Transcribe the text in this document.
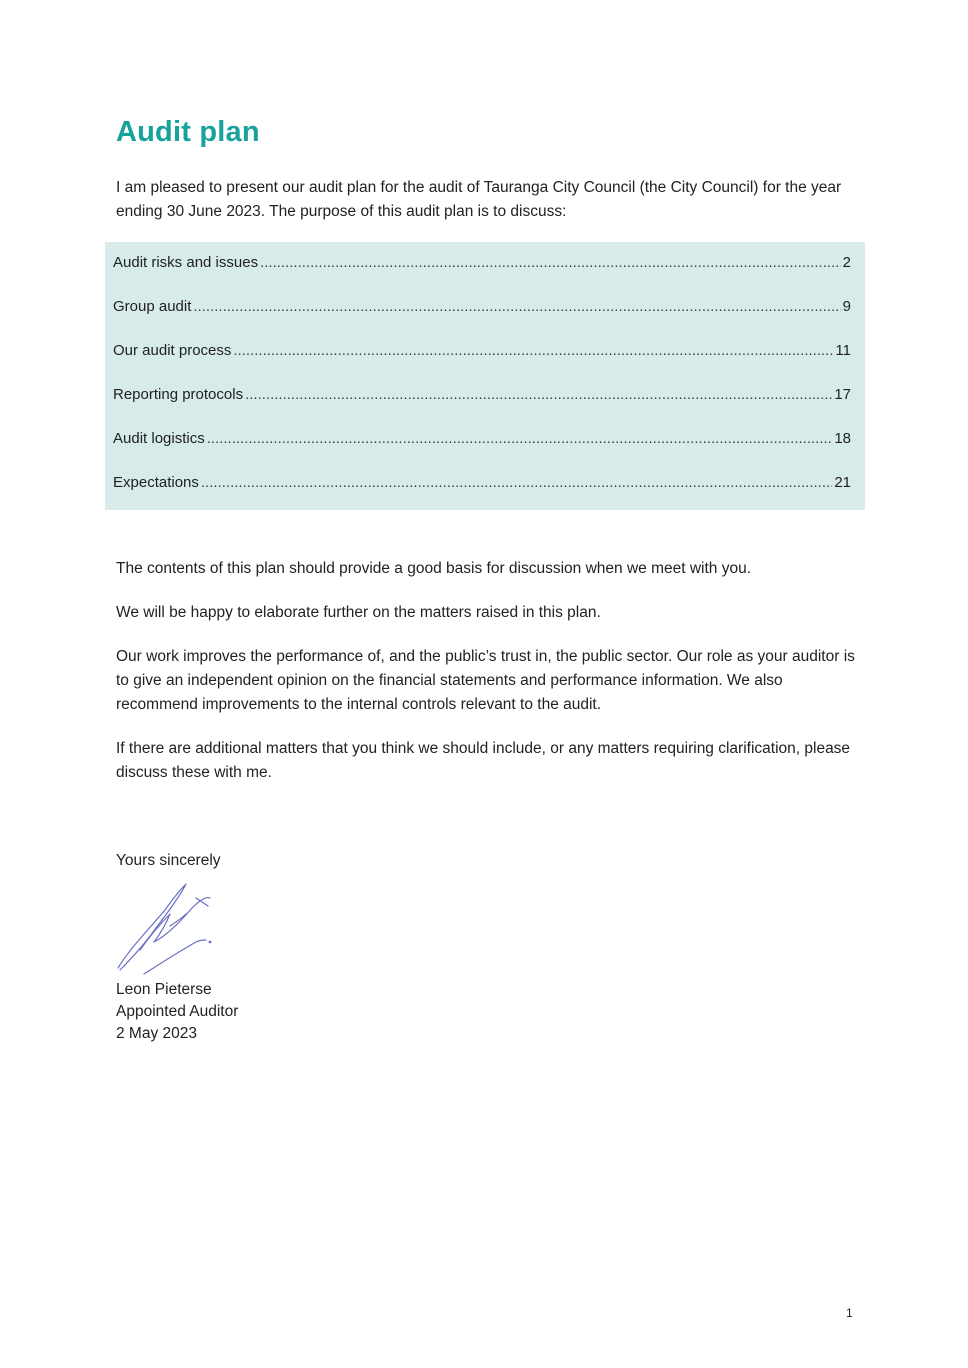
Audit plan

I am pleased to present our audit plan for the audit of Tauranga City Council (the City Council) for the year ending 30 June 2023. The purpose of this audit plan is to discuss:

Audit risks and issues .....	2
Group audit .....	9
Our audit process .....	11
Reporting protocols .....	17
Audit logistics .....	18
Expectations .....	21

The contents of this plan should provide a good basis for discussion when we meet with you.

We will be happy to elaborate further on the matters raised in this plan.

Our work improves the performance of, and the public’s trust in, the public sector. Our role as your auditor is to give an independent opinion on the financial statements and performance information. We also recommend improvements to the internal controls relevant to the audit.

If there are additional matters that you think we should include, or any matters requiring clarification, please discuss these with me.

Yours sincerely

Leon Pieterse

Appointed Auditor

2 May 2023

1
